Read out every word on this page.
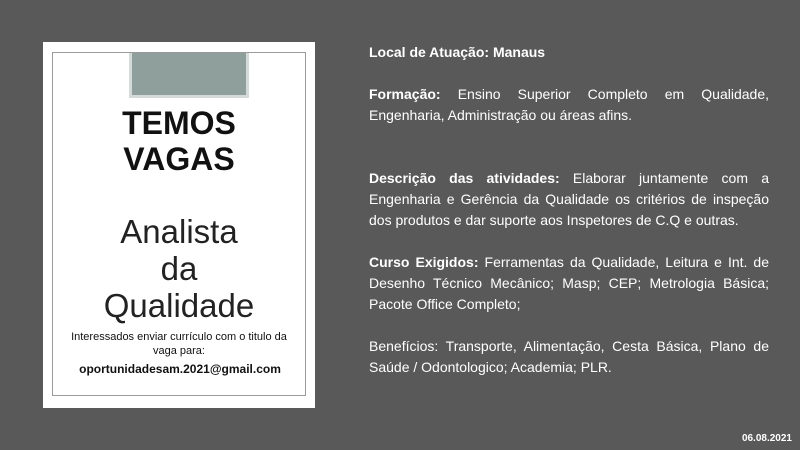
TEMOS
VAGAS
Analista
da
Qualidade
Interessados enviar currículo com o titulo da vaga para:
oportunidadesam.2021@gmail.com

Local de Atuação: Manaus

Formação: Ensino Superior Completo em Qualidade, Engenharia, Administração ou áreas afins.

Descrição das atividades: Elaborar juntamente com a Engenharia e Gerência da Qualidade os critérios de inspeção dos produtos e dar suporte aos Inspetores de C.Q e outras.

Curso Exigidos: Ferramentas da Qualidade, Leitura e Int. de Desenho Técnico Mecânico; Masp; CEP; Metrologia Básica; Pacote Office Completo;

Benefícios: Transporte, Alimentação, Cesta Básica, Plano de Saúde / Odontologico; Academia; PLR.

06.08.2021
